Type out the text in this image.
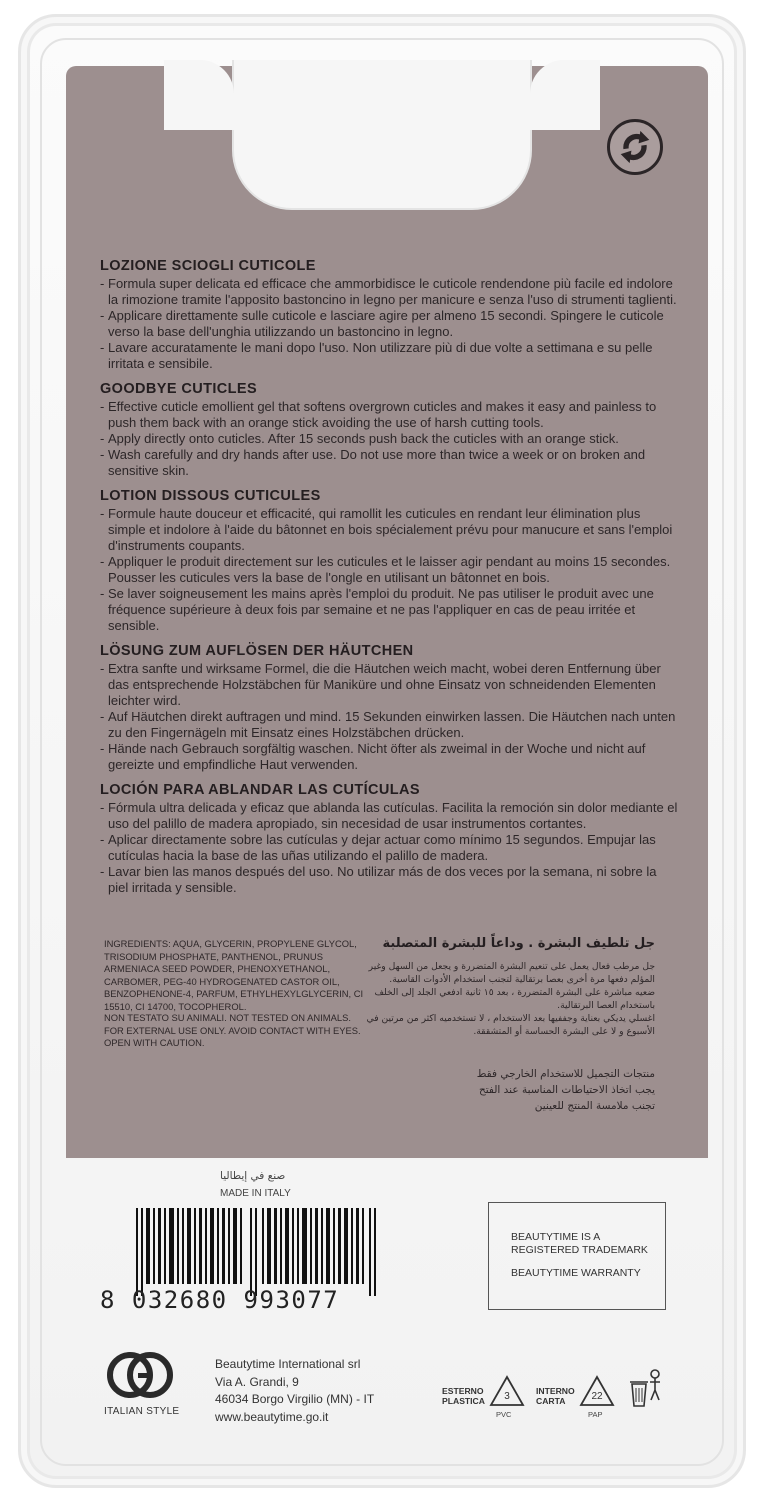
LOZIONE SCIOGLI CUTICOLE
- Formula super delicata ed efficace che ammorbidisce le cuticole rendendone più facile ed indolore la rimozione tramite l'apposito bastoncino in legno per manicure e senza l'uso di strumenti taglienti.
- Applicare direttamente sulle cuticole e lasciare agire per almeno 15 secondi. Spingere le cuticole verso la base dell'unghia utilizzando un bastoncino in legno.
- Lavare accuratamente le mani dopo l'uso. Non utilizzare più di due volte a settimana e su pelle irritata e sensibile.
GOODBYE CUTICLES
- Effective cuticle emollient gel that softens overgrown cuticles and makes it easy and painless to push them back with an orange stick avoiding the use of harsh cutting tools.
- Apply directly onto cuticles. After 15 seconds push back the cuticles with an orange stick.
- Wash carefully and dry hands after use. Do not use more than twice a week or on broken and sensitive skin.
LOTION DISSOUS CUTICULES
- Formule haute douceur et efficacité, qui ramollit les cuticules en rendant leur élimination plus simple et indolore à l'aide du bâtonnet en bois spécialement prévu pour manucure et sans l'emploi d'instruments coupants.
- Appliquer le produit directement sur les cuticules et le laisser agir pendant au moins 15 secondes. Pousser les cuticules vers la base de l'ongle en utilisant un bâtonnet en bois.
- Se laver soigneusement les mains après l'emploi du produit. Ne pas utiliser le produit avec une fréquence supérieure à deux fois par semaine et ne pas l'appliquer en cas de peau irritée et sensible.
LÖSUNG ZUM AUFLÖSEN DER HÄUTCHEN
- Extra sanfte und wirksame Formel, die die Häutchen weich macht, wobei deren Entfernung über das entsprechende Holzstäbchen für Maniküre und ohne Einsatz von schneidenden Elementen leichter wird.
- Auf Häutchen direkt auftragen und mind. 15 Sekunden einwirken lassen. Die Häutchen nach unten zu den Fingernägeln mit Einsatz eines Holzstäbchen drücken.
- Hände nach Gebrauch sorgfältig waschen. Nicht öfter als zweimal in der Woche und nicht auf gereizte und empfindliche Haut verwenden.
LOCIÓN PARA ABLANDAR LAS CUTÍCULAS
- Fórmula ultra delicada y eficaz que ablanda las cutículas. Facilita la remoción sin dolor mediante el uso del palillo de madera apropiado, sin necesidad de usar instrumentos cortantes.
- Aplicar directamente sobre las cutículas y dejar actuar como mínimo 15 segundos. Empujar las cutículas hacia la base de las uñas utilizando el palillo de madera.
- Lavar bien las manos después del uso. No utilizar más de dos veces por la semana, ni sobre la piel irritada y sensible.
INGREDIENTS: AQUA, GLYCERIN, PROPYLENE GLYCOL, TRISODIUM PHOSPHATE, PANTHENOL, PRUNUS ARMENIACA SEED POWDER, PHENOXYETHANOL, CARBOMER, PEG-40 HYDROGENATED CASTOR OIL, BENZOPHENONE-4, PARFUM, ETHYLHEXYLGLYCERIN, CI 15510, CI 14700, TOCOPHEROL.
NON TESTATO SU ANIMALI. NOT TESTED ON ANIMALS. FOR EXTERNAL USE ONLY. AVOID CONTACT WITH EYES. OPEN WITH CAUTION.
جل تلطيف البشرة . وداعاً للبشرة المتصلبة
جل مرطب فعال يعمل على تنعيم البشرة المتضررة و يجعل من السهل وغير المؤلم دفعها مرة أخرى بعصا برتقالية لتجنب استخدام الأدوات القاسية.
ضعيه مباشرة على البشرة المتضررة ، بعد ١٥ ثانية ادفعي الجلد إلى الخلف باستخدام العصا البرتقالية.
اغسلي يديكي بعناية وجففيها بعد الاستخدام ، لا تستخدميه اكثر من مرتين في الأسبوع و لا على البشرة الحساسة أو المتشققة.
منتجات التجميل للاستخدام الخارجي فقط
يجب اتخاذ الاحتياطات المناسبة عند الفتح
تجنب ملامسة المنتج للعينين
صنع في إيطاليا
MADE IN ITALY
8 032680 993077
BEAUTYTIME IS A
REGISTERED TRADEMARK
BEAUTYTIME WARRANTY
ITALIAN STYLE
Beautytime International srl
Via A. Grandi, 9
46034 Borgo Virgilio (MN) - IT
www.beautytime.go.it
ESTERNO
PLASTICA 3
PVC
INTERNO
CARTA	22
PAP
